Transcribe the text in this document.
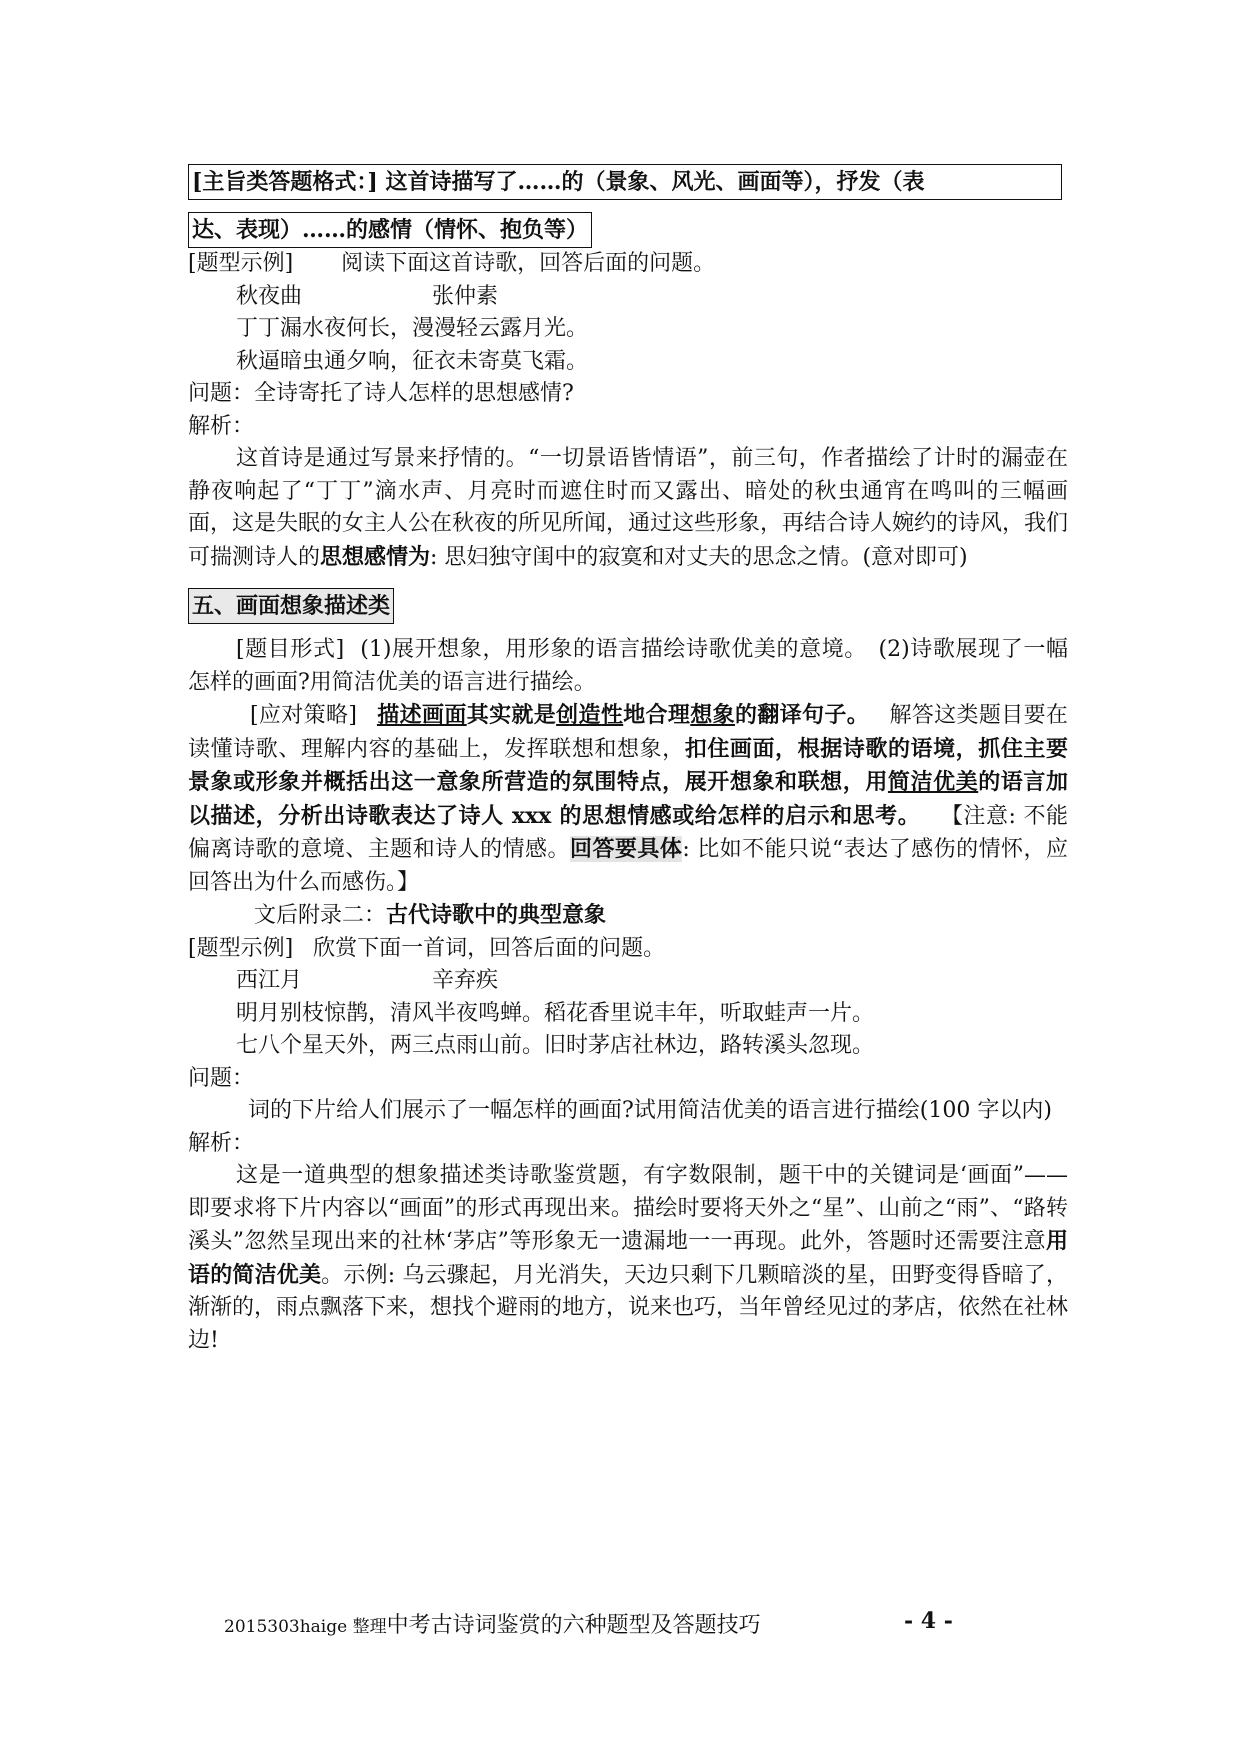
[主旨类答题格式：] 这首诗描写了……的（景象、风光、画面等），抒发（表
达、表现）……的感情（情怀、抱负等）
[题型示例] 阅读下面这首诗歌，回答后面的问题。
秋夜曲	张仲素
丁丁漏水夜何长，漫漫轻云露月光。
秋逼暗虫通夕响，征衣未寄莫飞霜。
问题：全诗寄托了诗人怎样的思想感情?
解析：
这首诗是通过写景来抒情的。“一切景语皆情语”，前三句，作者描绘了计时的漏壶在静夜响起了“丁丁”滴水声、月亮时而遮住时而又露出、暗处的秋虫通宵在鸣叫的三幅画面，这是失眠的女主人公在秋夜的所见所闻，通过这些形象，再结合诗人婉约的诗风，我们可揣测诗人的思想感情为: 思妇独守闺中的寂寞和对丈夫的思念之情。(意对即可)
五、画面想象描述类
[题目形式] (1)展开想象，用形象的语言描绘诗歌优美的意境。　(2)诗歌展现了一幅怎样的画面?用简洁优美的语言进行描绘。
[应对策略] 描述画面其实就是创造性地合理想象的翻译句子。 解答这类题目要在读懂诗歌、理解内容的基础上，发挥联想和想象，扣住画面，根据诗歌的语境，抓住主要景象或形象并概括出这一意象所营造的氛围特点，展开想象和联想，用简洁优美的语言加以描述，分析出诗歌表达了诗人 xxx 的思想情感或给怎样的启示和思考。 【注意: 不能偏离诗歌的意境、主题和诗人的情感。回答要具体: 比如不能只说“表达了感伤的情怀，应回答出为什么而感伤。】
文后附录二：古代诗歌中的典型意象
[题型示例] 欣赏下面一首词，回答后面的问题。
西江月	辛弃疾
明月别枝惊鹊，清风半夜鸣蝉。稻花香里说丰年，听取蛙声一片。
七八个星天外，两三点雨山前。旧时茅店社林边，路转溪头忽现。
问题：
词的下片给人们展示了一幅怎样的画面?试用简洁优美的语言进行描绘(100 字以内)
解析：
这是一道典型的想象描述类诗歌鉴赏题，有字数限制，题干中的关键词是‘画面”——即要求将下片内容以“画面”的形式再现出来。描绘时要将天外之“星”、山前之“雨”、“路转溪头”忽然呈现出来的社林‘茅店”等形象无一遗漏地一一再现。此外，答题时还需要注意用语的简洁优美。示例: 乌云骤起，月光消失，天边只剩下几颗暗淡的星，田野变得昏暗了，渐渐的，雨点飘落下来，想找个避雨的地方，说来也巧，当年曾经见过的茅店，依然在社林边!
2015303haige 整理中考古诗词鉴赏的六种题型及答题技巧	- 4 -
